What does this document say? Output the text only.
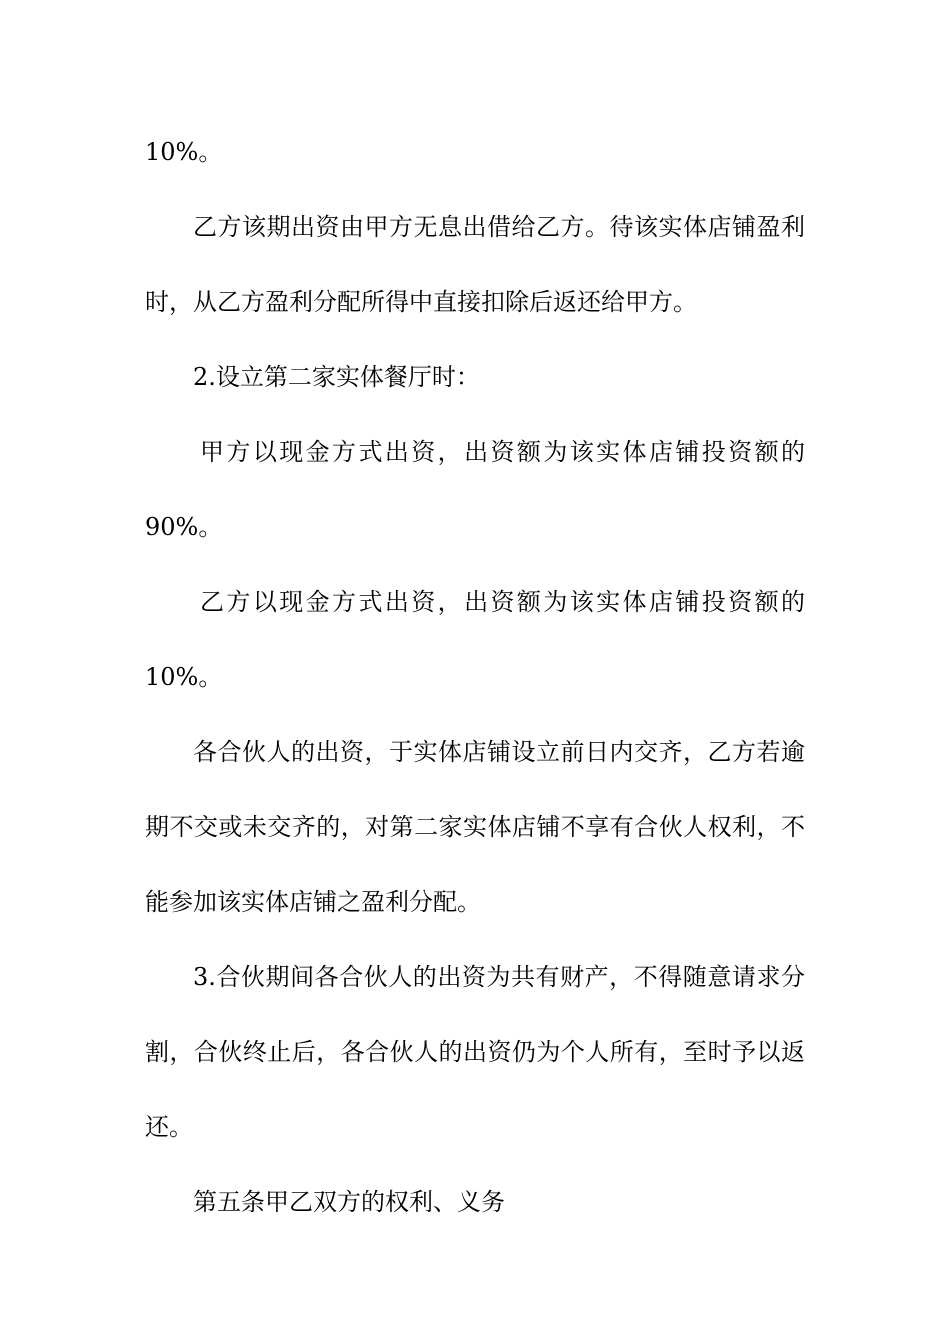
10%。
乙方该期出资由甲方无息出借给乙方。待该实体店铺盈利
时，从乙方盈利分配所得中直接扣除后返还给甲方。
2.设立第二家实体餐厅时：
甲方以现金方式出资，出资额为该实体店铺投资额的
90%。
乙方以现金方式出资，出资额为该实体店铺投资额的
10%。
各合伙人的出资，于实体店铺设立前日内交齐，乙方若逾
期不交或未交齐的，对第二家实体店铺不享有合伙人权利，不
能参加该实体店铺之盈利分配。
3.合伙期间各合伙人的出资为共有财产，不得随意请求分
割，合伙终止后，各合伙人的出资仍为个人所有，至时予以返
还。
第五条甲乙双方的权利、义务
